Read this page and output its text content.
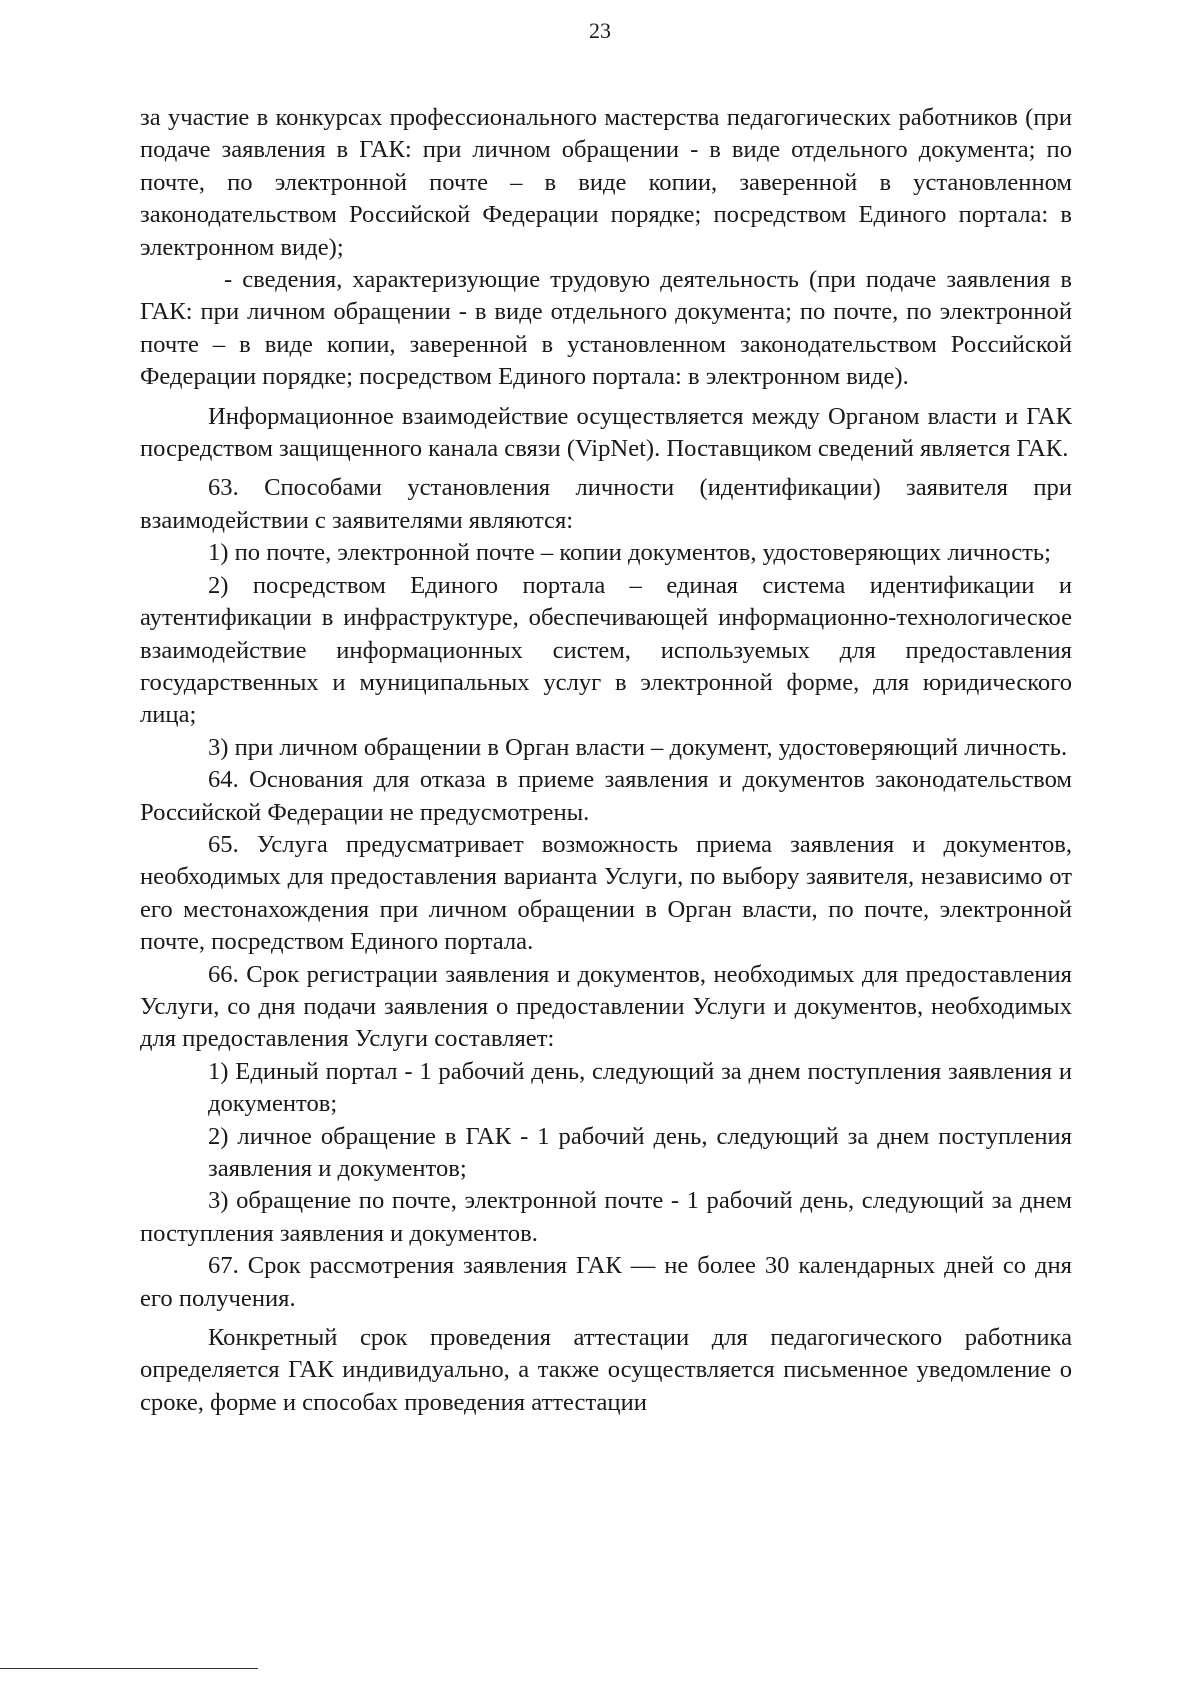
23

за участие в конкурсах профессионального мастерства педагогических работников (при подаче заявления в ГАК: при личном обращении - в виде отдельного документа; по почте, по электронной почте – в виде копии, заверенной в установленном законодательством Российской Федерации порядке; посредством Единого портала: в электронном виде);

- сведения, характеризующие трудовую деятельность (при подаче заявления в ГАК: при личном обращении - в виде отдельного документа; по почте, по электронной почте – в виде копии, заверенной в установленном законодательством Российской Федерации порядке; посредством Единого портала: в электронном виде).

Информационное взаимодействие осуществляется между Органом власти и ГАК посредством защищенного канала связи (VipNet). Поставщиком сведений является ГАК.

63. Способами установления личности (идентификации) заявителя при взаимодействии с заявителями являются:

1) по почте, электронной почте – копии документов, удостоверяющих личность;

2) посредством Единого портала – единая система идентификации и аутентификации в инфраструктуре, обеспечивающей информационно-технологическое взаимодействие информационных систем, используемых для предоставления государственных и муниципальных услуг в электронной форме, для юридического лица;

3) при личном обращении в Орган власти – документ, удостоверяющий личность.

64. Основания для отказа в приеме заявления и документов законодательством Российской Федерации не предусмотрены.

65. Услуга предусматривает возможность приема заявления и документов, необходимых для предоставления варианта Услуги, по выбору заявителя, независимо от его местонахождения при личном обращении в Орган власти, по почте, электронной почте, посредством Единого портала.

66. Срок регистрации заявления и документов, необходимых для предоставления Услуги, со дня подачи заявления о предоставлении Услуги и документов, необходимых для предоставления Услуги составляет:

1) Единый портал - 1 рабочий день, следующий за днем поступления заявления и документов;

2) личное обращение в ГАК - 1 рабочий день, следующий за днем поступления заявления и документов;

3) обращение по почте, электронной почте - 1 рабочий день, следующий за днем поступления заявления и документов.

67. Срок рассмотрения заявления ГАК — не более 30 календарных дней со дня его получения.

Конкретный срок проведения аттестации для педагогического работника определяется ГАК индивидуально, а также осуществляется письменное уведомление о сроке, форме и способах проведения аттестации
